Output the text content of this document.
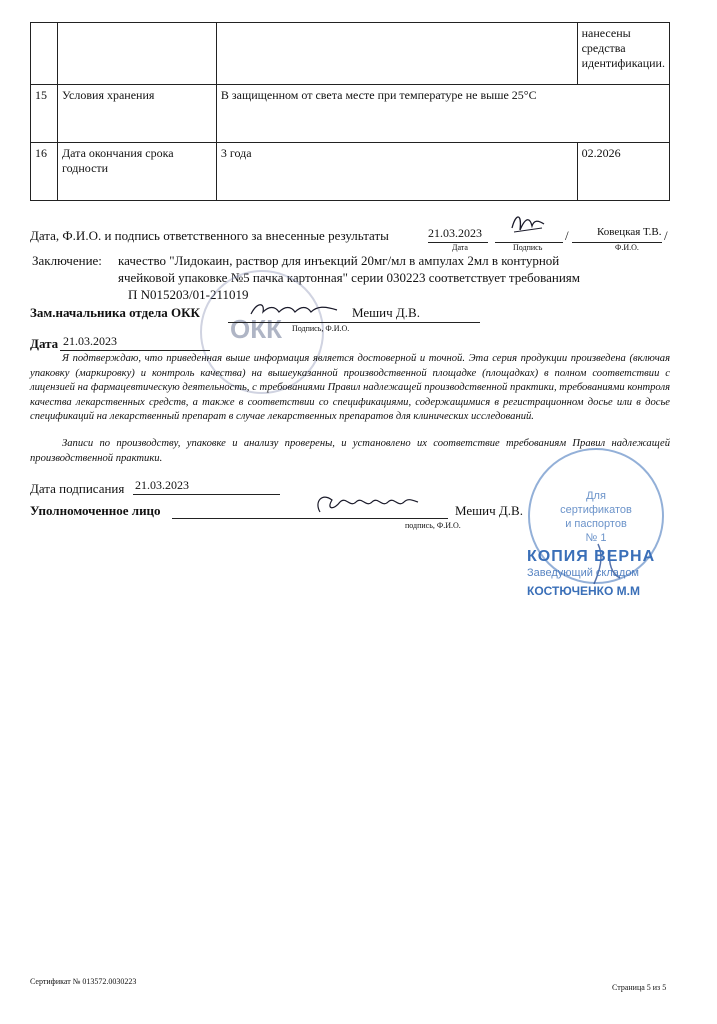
			нанесены средства идентификации.
15	Условия хранения	В защищенном от света месте при температуре не выше 25°C	
16	Дата окончания срока годности	3 года	02.2026
Дата, Ф.И.О. и подпись ответственного за внесенные результаты	21.03.2023
Дата	Подпись
/	Ковецкая Т.В.
Ф.И.О.
/
Заключение: качество "Лидокаин, раствор для инъекций 20мг/мл в ампулах 2мл в контурной
ячейковой упаковке №5 пачка картонная" серии 030223 соответствует требованиям
П N015203/01-211019
ОКК
Зам.начальника отдела ОКК	Мешич Д.В.
Подпись, Ф.И.О.
Дата 21.03.2023
Я подтверждаю, что приведенная выше информация является достоверной и точной. Эта серия продукции произведена (включая упаковку (маркировку) и контроль качества) на вышеуказанной производственной площадке (площадках) в полном соответствии с лицензией на фармацевтическую деятельность, с требованиями Правил надлежащей производственной практики, требованиями контроля качества лекарственных средств, а также в соответствии со спецификациями, содержащимися в регистрационном досье или в досье спецификаций на лекарственный препарат в случае лекарственных препаратов для клинических исследований.
Записи по производству, упаковке и анализу проверены, и установлено их соответствие требованиям Правил надлежащей производственной практики.
Дата подписания 21.03.2023
Уполномоченное лицо	Мешич Д.В.
подпись, Ф.И.О.
Для
сертификатов
и паспортов
№ 1
КОПИЯ ВЕРНА
Заведующий складом
КОСТЮЧЕНКО М.М
Сертификат № 013572.0030223
Страница 5 из 5
